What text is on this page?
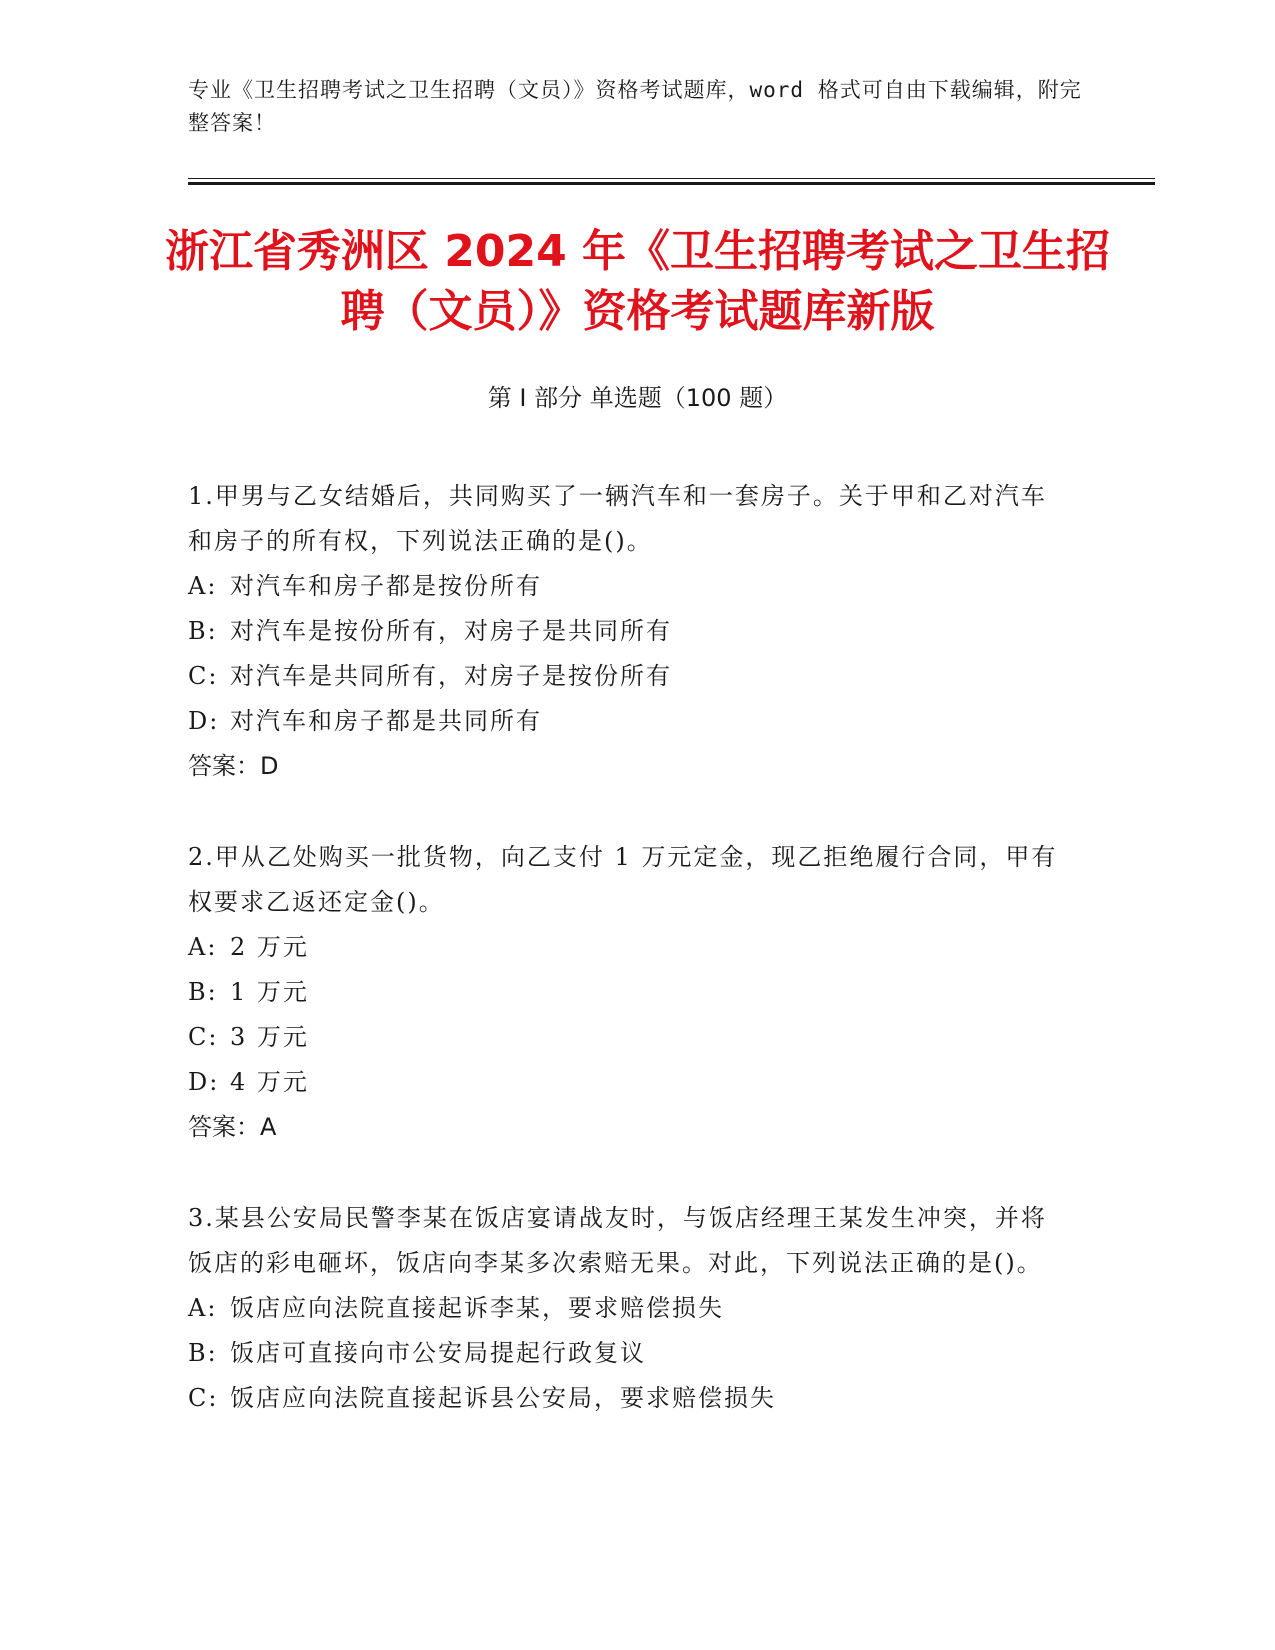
专业《卫生招聘考试之卫生招聘（文员）》资格考试题库，word 格式可自由下载编辑，附完整答案！
浙江省秀洲区 2024 年《卫生招聘考试之卫生招聘（文员）》资格考试题库新版
第 I 部分 单选题（100 题）

1.甲男与乙女结婚后，共同购买了一辆汽车和一套房子。关于甲和乙对汽车和房子的所有权，下列说法正确的是()。

A: 对汽车和房子都是按份所有

B: 对汽车是按份所有，对房子是共同所有

C: 对汽车是共同所有，对房子是按份所有

D: 对汽车和房子都是共同所有

答案：D

2.甲从乙处购买一批货物，向乙支付 1 万元定金，现乙拒绝履行合同，甲有权要求乙返还定金()。

A: 2 万元

B: 1 万元

C: 3 万元

D: 4 万元

答案：A

3.某县公安局民警李某在饭店宴请战友时，与饭店经理王某发生冲突，并将饭店的彩电砸坏，饭店向李某多次索赔无果。对此，下列说法正确的是()。

A: 饭店应向法院直接起诉李某，要求赔偿损失

B: 饭店可直接向市公安局提起行政复议

C: 饭店应向法院直接起诉县公安局，要求赔偿损失
